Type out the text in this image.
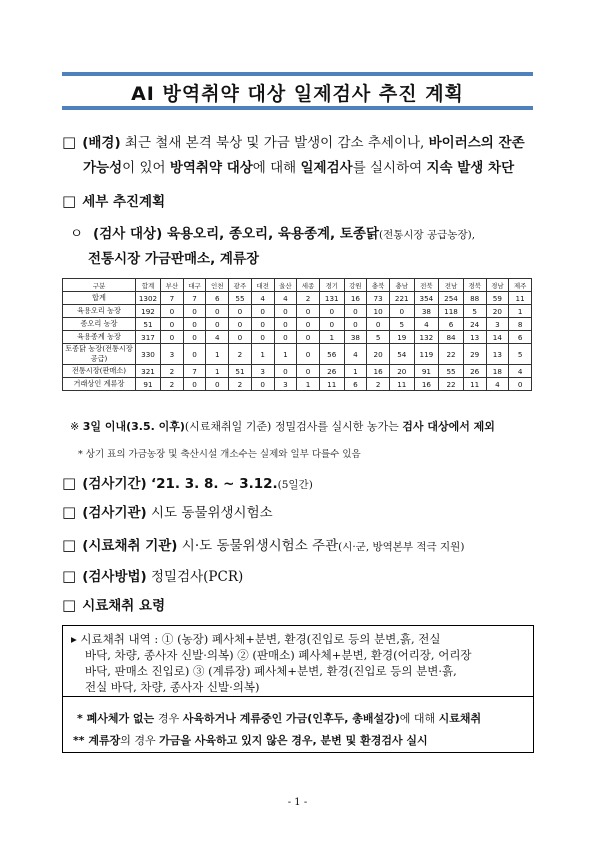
AI 방역취약 대상 일제검사 추진 계획
□ (배경) 최근 철새 본격 북상 및 가금 발생이 감소 추세이나, 바이러스의 잔존
가능성이 있어 방역취약 대상에 대해 일제검사를 실시하여 지속 발생 차단
□ 세부 추진계획
ㅇ (검사 대상) 육용오리, 종오리, 육용종계, 토종닭(전통시장 공급농장),
전통시장 가금판매소, 계류장
구분	합계	부산	대구	인천	광주	대전	울산	세종	경기	강원	충북	충남	전북	전남	경북	경남	제주
합계	1302	7	7	6	55	4	4	2	131	16	73	221	354	254	88	59	11
육용오리 농장	192	0	0	0	0	0	0	0	0	0	10	0	38	118	5	20	1
종오리 농장	51	0	0	0	0	0	0	0	0	0	0	5	4	6	24	3	8
육용종계 농장	317	0	0	4	0	0	0	0	1	38	5	19	132	84	13	14	6
토종닭 농장(전통시장공급)	330	3	0	1	2	1	1	0	56	4	20	54	119	22	29	13	5
전통시장(판매소)	321	2	7	1	51	3	0	0	26	1	16	20	91	55	26	18	4
거래상인 계류장	91	2	0	0	2	0	3	1	11	6	2	11	16	22	11	4	0
※ 3일 이내(3.5. 이후)(시료채취일 기준) 정밀검사를 실시한 농가는 검사 대상에서 제외
* 상기 표의 가금농장 및 축산시설 개소수는 실제와 일부 다를수 있음
□ (검사기간) ‘21. 3. 8. ~ 3.12.(5일간)
□ (검사기관) 시도 동물위생시험소
□ (시료채취 기관) 시·도 동물위생시험소 주관(시·군, 방역본부 적극 지원)
□ (검사방법) 정밀검사(PCR)
□ 시료채취 요령
▸ 시료채취 내역 : ① (농장) 폐사체+분변, 환경(진입로 등의 분변,흙, 전실
바닥, 차량, 종사자 신발·의복) ② (판매소) 폐사체+분변, 환경(어리장, 어리장
바닥, 판매소 진입로) ③ (계류장) 폐사체+분변, 환경(진입로 등의 분변·흙,
전실 바닥, 차량, 종사자 신발·의복)
* 폐사체가 없는 경우 사육하거나 계류중인 가금(인후두, 총배설강)에 대해 시료채취
** 계류장의 경우 가금을 사육하고 있지 않은 경우, 분변 및 환경검사 실시
- 1 -
